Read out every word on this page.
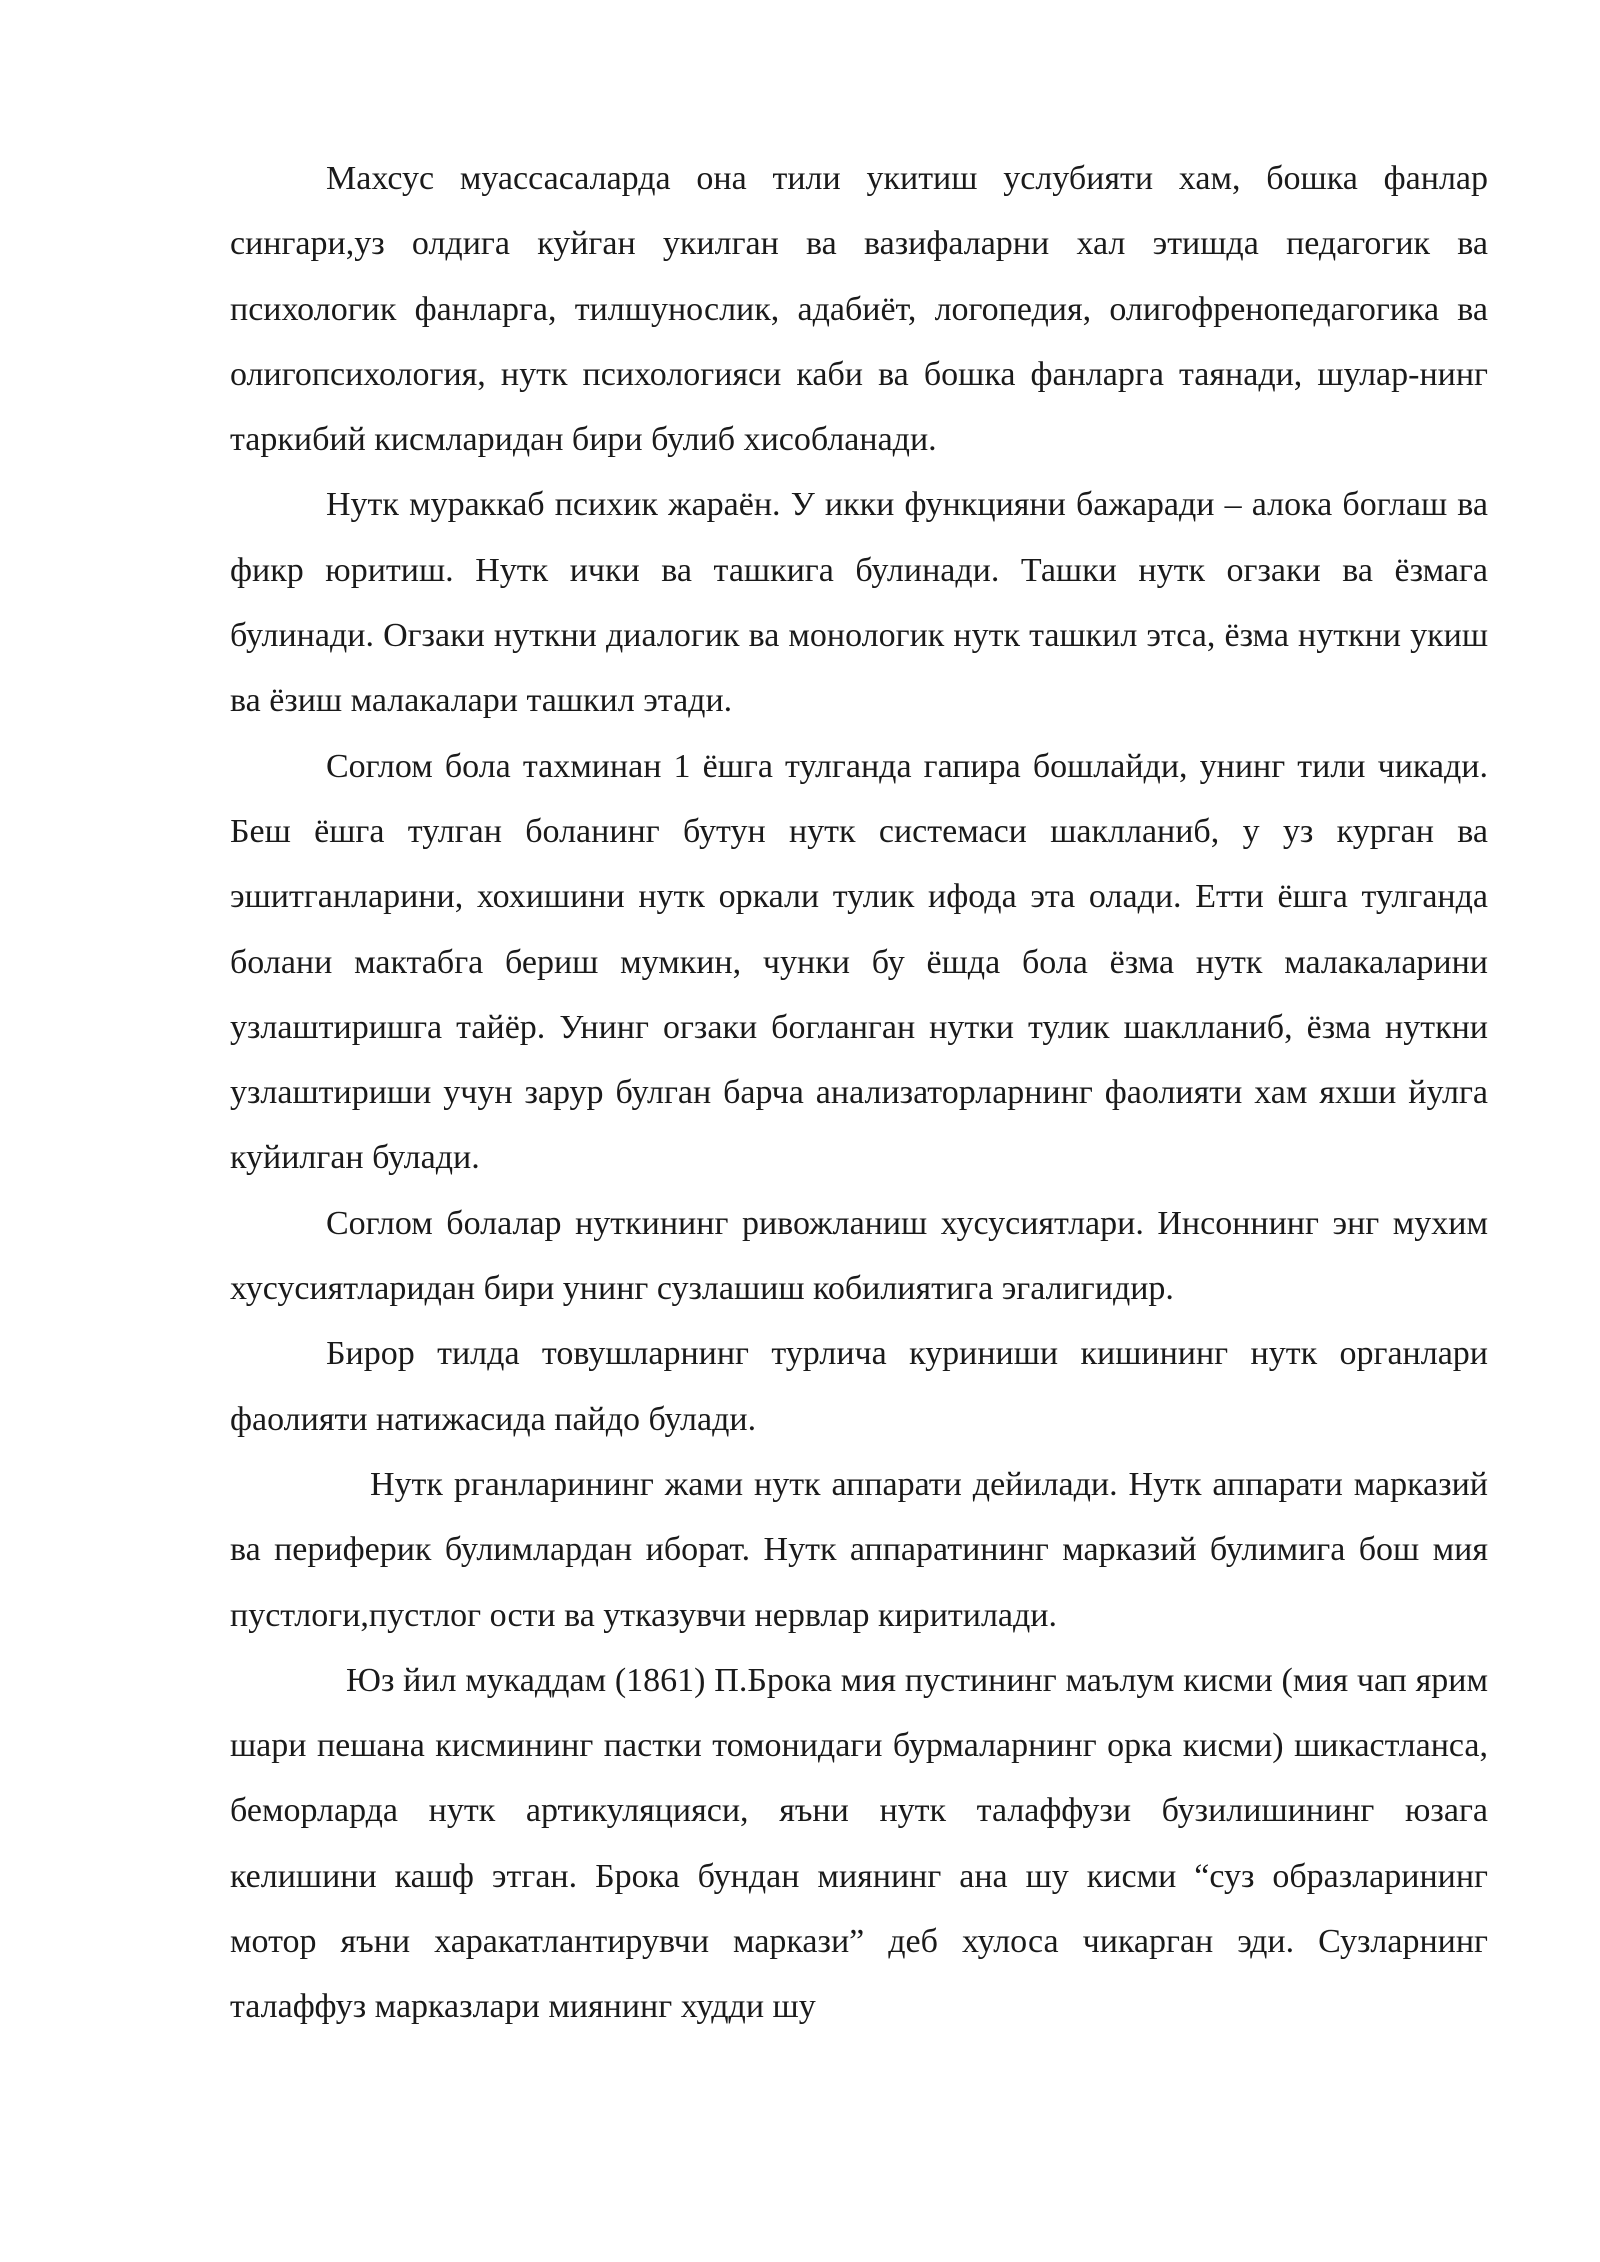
Махсус муассасаларда она тили укитиш услубияти хам, бошка фанлар сингари,уз олдига куйган укилган ва вазифаларни хал этишда педагогик ва психологик фанларга, тилшунослик, адабиёт, логопедия, олигофренопедагогика ва олигопсихология, нутк психологияси каби ва бошка фанларга таянади, шулар-нинг таркибий кисмларидан бири булиб хисобланади.

Нутк мураккаб психик жараён. У икки функцияни бажаради – алока боглаш ва фикр юритиш. Нутк ички ва ташкига булинади. Ташки нутк огзаки ва ёзмага булинади. Огзаки нуткни диалогик ва монологик нутк ташкил этса, ёзма нуткни укиш ва ёзиш малакалари ташкил этади.

Соглом бола тахминан 1 ёшга тулганда гапира бошлайди, унинг тили чикади. Беш ёшга тулган боланинг бутун нутк системаси шаклланиб, у уз курган ва эшитганларини, хохишини нутк оркали тулик ифода эта олади. Етти ёшга тулганда болани мактабга бериш мумкин, чунки бу ёшда бола ёзма нутк малакаларини узлаштиришга тайёр. Унинг огзаки богланган нутки тулик шаклланиб, ёзма нуткни узлаштириши учун зарур булган барча анализаторларнинг фаолияти хам яхши йулга куйилган булади.

Соглом болалар нуткининг ривожланиш хусусиятлари. Инсоннинг энг мухим хусусиятларидан бири унинг сузлашиш кобилиятига эгалигидир.

Бирор тилда товушларнинг турлича куриниши кишининг нутк органлари фаолияти натижасида пайдо булади.

Нутк рганларининг жами нутк аппарати дейилади. Нутк аппарати марказий ва периферик булимлардан иборат. Нутк аппаратининг марказий булимига бош мия пустлоги,пустлог ости ва утказувчи нервлар киритилади.

Юз йил мукаддам (1861) П.Брока мия пустининг маълум кисми (мия чап ярим шари пешана кисмининг пастки томонидаги бурмаларнинг орка кисми) шикастланса, беморларда нутк артикуляцияси, яъни нутк талаффузи бузилишининг юзага келишини кашф этган. Брока бундан миянинг ана шу кисми “суз образларининг мотор яъни харакатлантирувчи маркази” деб хулоса чикарган эди. Сузларнинг талаффуз марказлари миянинг худди шу
